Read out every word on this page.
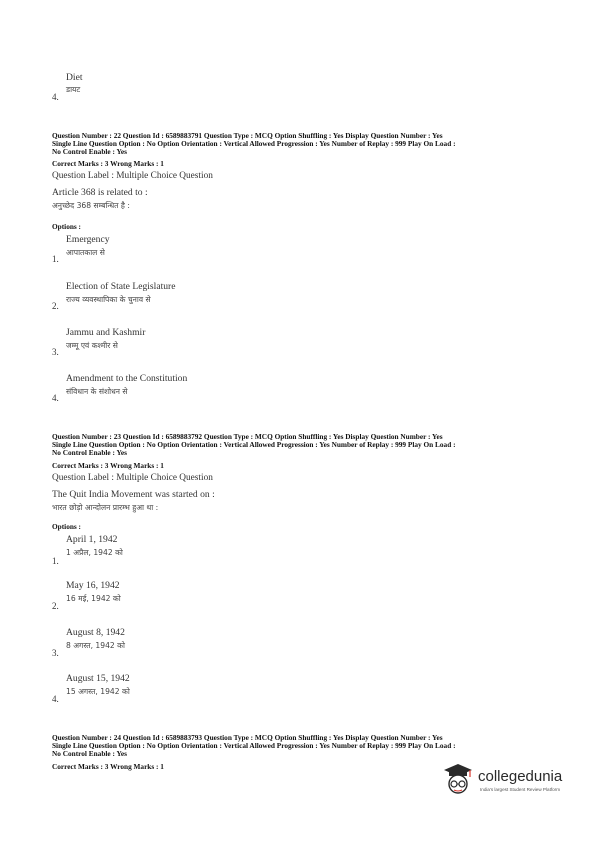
Diet
डायट
4.
Question Number : 22 Question Id : 6589883791 Question Type : MCQ Option Shuffling : Yes Display Question Number : Yes
Single Line Question Option : No Option Orientation : Vertical Allowed Progression : Yes Number of Replay : 999 Play On Load :
No Control Enable : Yes
Correct Marks : 3 Wrong Marks : 1
Question Label : Multiple Choice Question
Article 368 is related to :
अनुच्छेद 368 सम्बन्धित है :
Options :
Emergency
आपातकाल से
1.
Election of State Legislature
राज्य व्यवस्थापिका के चुनाव से
2.
Jammu and Kashmir
जम्मू एवं कश्मीर से
3.
Amendment to the Constitution
संविधान के संशोधन से
4.
Question Number : 23 Question Id : 6589883792 Question Type : MCQ Option Shuffling : Yes Display Question Number : Yes
Single Line Question Option : No Option Orientation : Vertical Allowed Progression : Yes Number of Replay : 999 Play On Load :
No Control Enable : Yes
Correct Marks : 3 Wrong Marks : 1
Question Label : Multiple Choice Question
The Quit India Movement was started on :
भारत छोड़ो आन्दोलन प्रारम्भ हुआ था :
Options :
April 1, 1942
1 अप्रैल, 1942 को
1.
May 16, 1942
16 मई, 1942 को
2.
August 8, 1942
8 अगस्त, 1942 को
3.
August 15, 1942
15 अगस्त, 1942 को
4.
Question Number : 24 Question Id : 6589883793 Question Type : MCQ Option Shuffling : Yes Display Question Number : Yes
Single Line Question Option : No Option Orientation : Vertical Allowed Progression : Yes Number of Replay : 999 Play On Load :
No Control Enable : Yes
Correct Marks : 3 Wrong Marks : 1
collegedunia
India's largest Student Review Platform
